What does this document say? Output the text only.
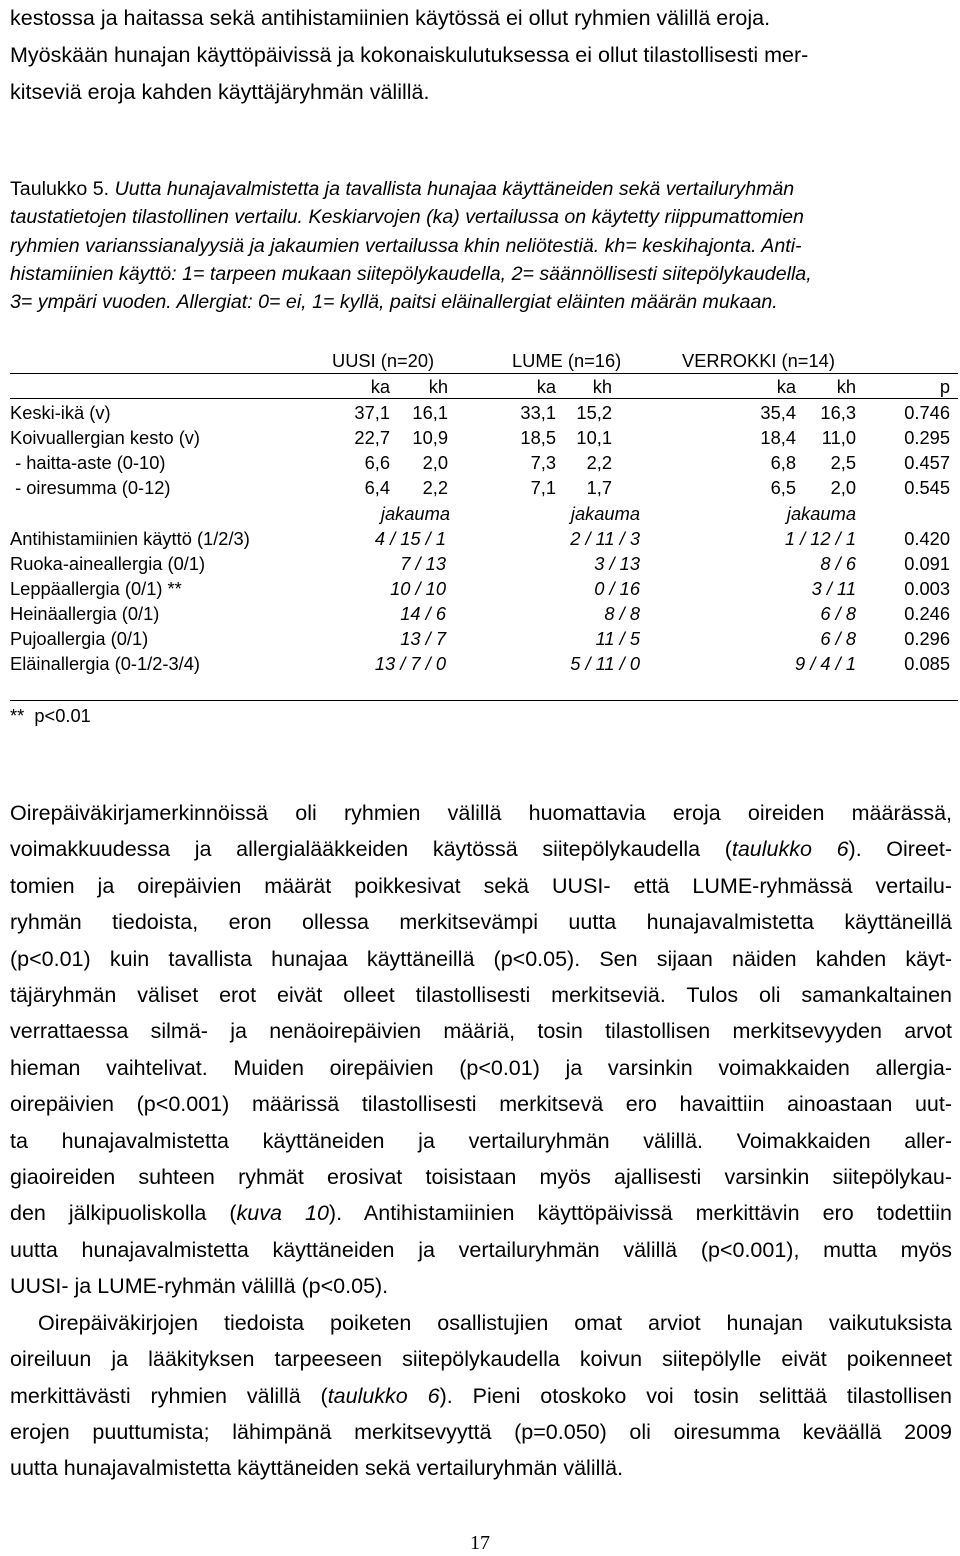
kestossa ja haitassa sekä antihistamiinien käytössä ei ollut ryhmien välillä eroja.
Myöskään hunajan käyttöpäivissä ja kokonaiskulutuksessa ei ollut tilastollisesti mer-
kitseviä eroja kahden käyttäjäryhmän välillä.
Taulukko 5. Uutta hunajavalmistetta ja tavallista hunajaa käyttäneiden sekä vertailuryhmän
taustatietojen tilastollinen vertailu. Keskiarvojen (ka) vertailussa on käytetty riippumattomien
ryhmien varianssianalyysiä ja jakaumien vertailussa khin neliötestiä. kh= keskihajonta. Anti-
histamiinien käyttö: 1= tarpeen mukaan siitepölykaudella, 2= säännöllisesti siitepölykaudella,
3= ympäri vuoden. Allergiat: 0= ei, 1= kyllä, paitsi eläinallergiat eläinten määrän mukaan.
UUSI (n=20)	LUME (n=16)	VERROKKI (n=14)
ka	kh	ka	kh	ka	kh	p
Keski-ikä (v)	37,1	16,1	33,1	15,2	35,4	16,3	0.746
Koivuallergian kesto (v)	22,7	10,9	18,5	10,1	18,4	11,0	0.295
- haitta-aste (0-10)	6,6	2,0	7,3	2,2	6,8	2,5	0.457
- oiresumma (0-12)	6,4	2,2	7,1	1,7	6,5	2,0	0.545
jakauma	jakauma	jakauma
Antihistamiinien käyttö (1/2/3)	4 / 15 / 1	2 / 11 / 3	1 / 12 / 1	0.420
Ruoka-aineallergia (0/1)	7 / 13	3 / 13	8 / 6	0.091
Leppäallergia (0/1) **	10 / 10	0 / 16	3 / 11	0.003
Heinäallergia (0/1)	14 / 6	8 / 8	6 / 8	0.246
Pujoallergia (0/1)	13 / 7	11 / 5	6 / 8	0.296
Eläinallergia (0-1/2-3/4)	13 / 7 / 0	5 / 11 / 0	9 / 4 / 1	0.085
**  p<0.01
Oirepäiväkirjamerkinnöissä oli ryhmien välillä huomattavia eroja oireiden määrässä,
voimakkuudessa ja allergialääkkeiden käytössä siitepölykaudella (taulukko 6). Oireet-
tomien ja oirepäivien määrät poikkesivat sekä UUSI- että LUME-ryhmässä vertailu-
ryhmän tiedoista, eron ollessa merkitsevämpi uutta hunajavalmistetta käyttäneillä
(p<0.01) kuin tavallista hunajaa käyttäneillä (p<0.05). Sen sijaan näiden kahden käyt-
täjäryhmän väliset erot eivät olleet tilastollisesti merkitseviä. Tulos oli samankaltainen
verrattaessa silmä- ja nenäoirepäivien määriä, tosin tilastollisen merkitsevyyden arvot
hieman vaihtelivat. Muiden oirepäivien (p<0.01) ja varsinkin voimakkaiden allergia-
oirepäivien (p<0.001) määrissä tilastollisesti merkitsevä ero havaittiin ainoastaan uut-
ta hunajavalmistetta käyttäneiden ja vertailuryhmän välillä. Voimakkaiden aller-
giaoireiden suhteen ryhmät erosivat toisistaan myös ajallisesti varsinkin siitepölykau-
den jälkipuoliskolla (kuva 10). Antihistamiinien käyttöpäivissä merkittävin ero todettiin
uutta hunajavalmistetta käyttäneiden ja vertailuryhmän välillä (p<0.001), mutta myös
UUSI- ja LUME-ryhmän välillä (p<0.05).
Oirepäiväkirjojen tiedoista poiketen osallistujien omat arviot hunajan vaikutuksista
oireiluun ja lääkityksen tarpeeseen siitepölykaudella koivun siitepölylle eivät poikenneet
merkittävästi ryhmien välillä (taulukko 6). Pieni otoskoko voi tosin selittää tilastollisen
erojen puuttumista; lähimpänä merkitsevyyttä (p=0.050) oli oiresumma keväällä 2009
uutta hunajavalmistetta käyttäneiden sekä vertailuryhmän välillä.
17
